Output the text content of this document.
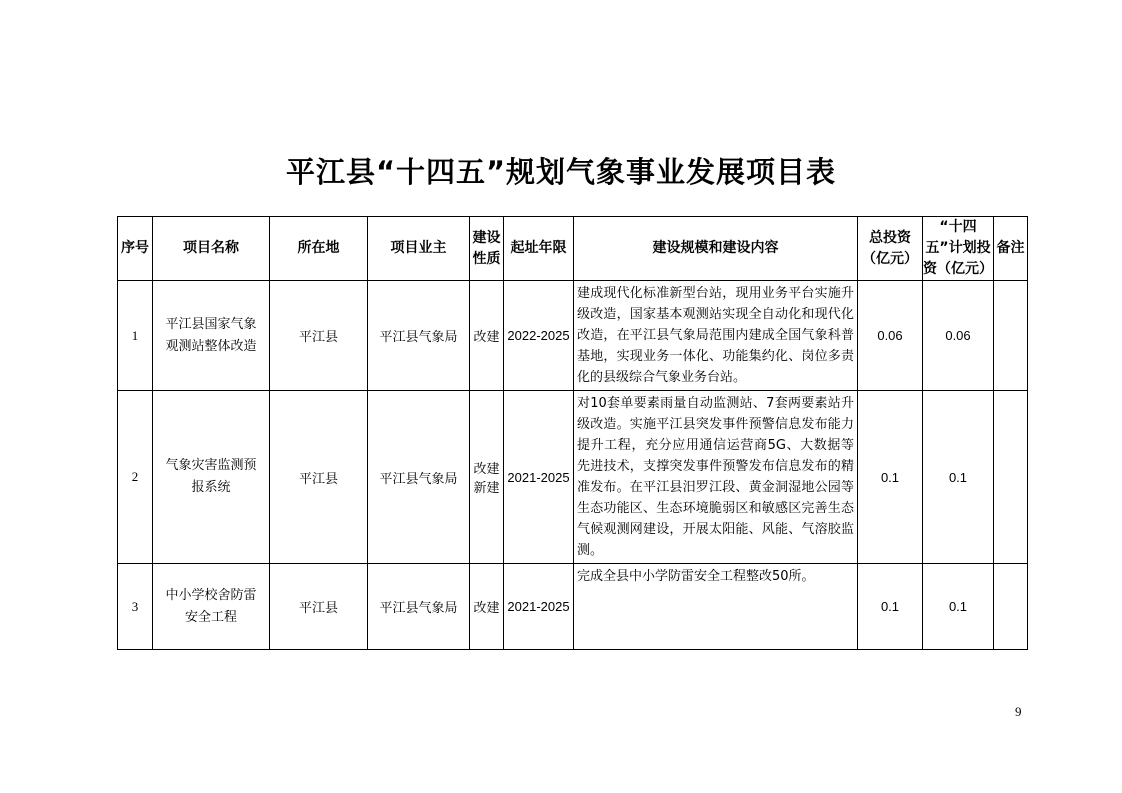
平江县“十四五”规划气象事业发展项目表
序号	项目名称	所在地	项目业主	建设性质	起址年限	建设规模和建设内容	总投资（亿元）	“十四五”计划投资（亿元）	备注
1	平江县国家气象观测站整体改造	平江县	平江县气象局	改建	2022-2025	建成现代化标准新型台站，现用业务平台实施升级改造，国家基本观测站实现全自动化和现代化改造，在平江县气象局范围内建成全国气象科普基地，实现业务一体化、功能集约化、岗位多责化的县级综合气象业务台站。	0.06	0.06	
2	气象灾害监测预报系统	平江县	平江县气象局	改建新建	2021-2025	对10套单要素雨量自动监测站、7套两要素站升级改造。实施平江县突发事件预警信息发布能力提升工程，充分应用通信运营商5G、大数据等先进技术，支撑突发事件预警发布信息发布的精准发布。在平江县汨罗江段、黄金洞湿地公园等生态功能区、生态环境脆弱区和敏感区完善生态气候观测网建设，开展太阳能、风能、气溶胶监测。	0.1	0.1	
3	中小学校舍防雷安全工程	平江县	平江县气象局	改建	2021-2025	完成全县中小学防雷安全工程整改50所。	0.1	0.1	
9
